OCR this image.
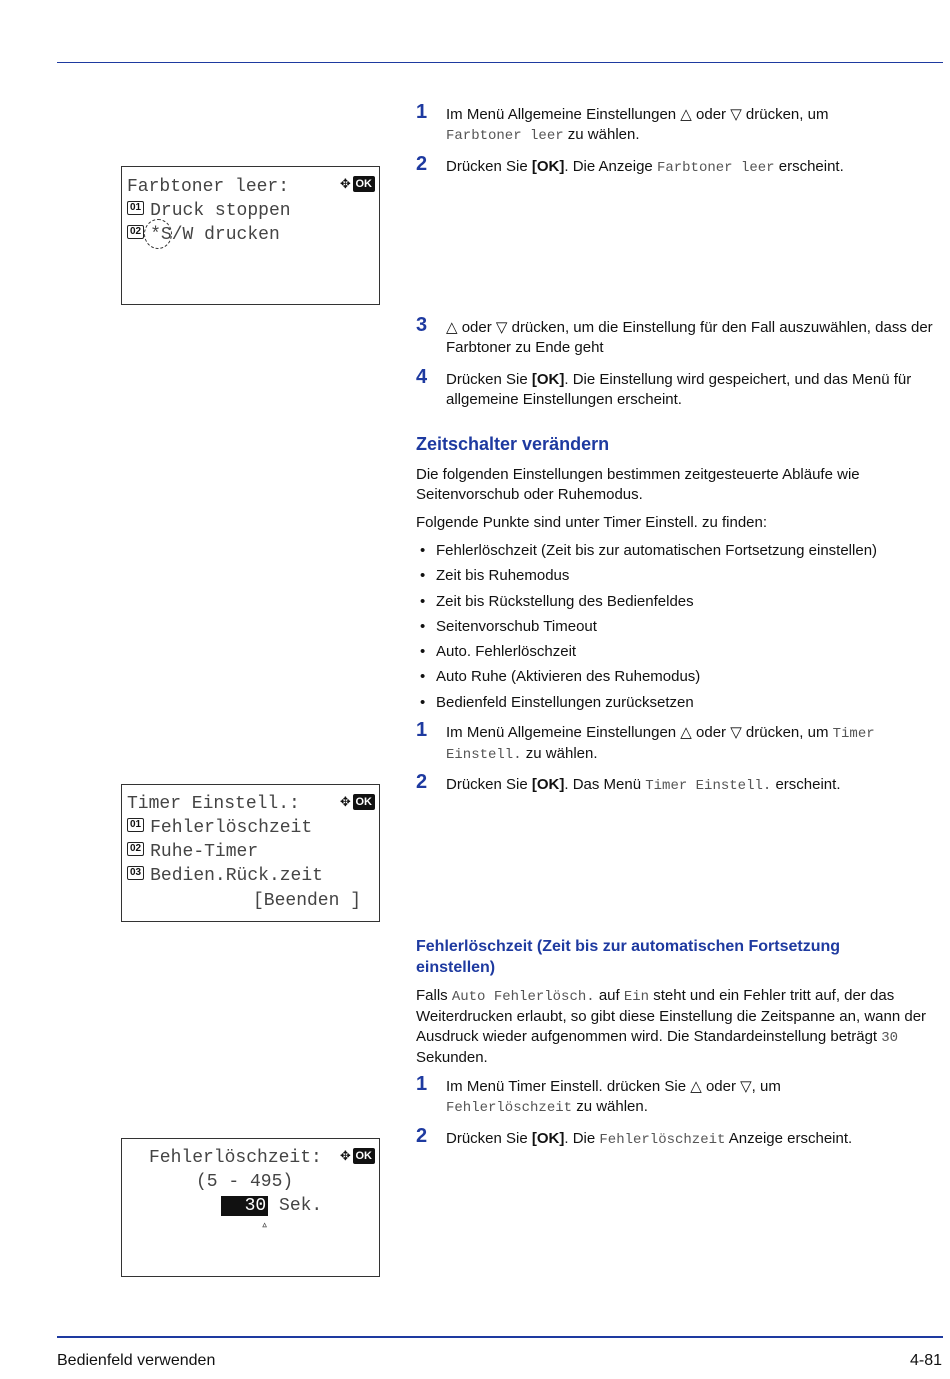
Farbtoner leer:	✥ OK
01 Druck stoppen
02 *S/W drucken
1 Im Menü Allgemeine Einstellungen △ oder ▽ drücken, um
Farbtoner leer zu wählen.
2 Drücken Sie [OK]. Die Anzeige Farbtoner leer erscheint.
3 △ oder ▽ drücken, um die Einstellung für den Fall auszuwählen, dass der Farbtoner zu Ende geht
4 Drücken Sie [OK]. Die Einstellung wird gespeichert, und das Menü für allgemeine Einstellungen erscheint.
Zeitschalter verändern

Die folgenden Einstellungen bestimmen zeitgesteuerte Abläufe wie Seitenvorschub oder Ruhemodus.

Folgende Punkte sind unter Timer Einstell. zu finden:

• Fehlerlöschzeit (Zeit bis zur automatischen Fortsetzung einstellen)
• Zeit bis Ruhemodus
• Zeit bis Rückstellung des Bedienfeldes
• Seitenvorschub Timeout
• Auto. Fehlerlöschzeit
• Auto Ruhe (Aktivieren des Ruhemodus)
• Bedienfeld Einstellungen zurücksetzen
1 Im Menü Allgemeine Einstellungen △ oder ▽ drücken, um Timer
Einstell. zu wählen.
2 Drücken Sie [OK]. Das Menü Timer Einstell. erscheint.
Timer Einstell.: ✥ OK
01 Fehlerlöschzeit
02 Ruhe-Timer
03 Bedien.Rück.zeit
[Beenden ]
Fehlerlöschzeit (Zeit bis zur automatischen Fortsetzung einstellen)

Falls Auto Fehlerlösch. auf Ein steht und ein Fehler tritt auf, der das Weiterdrucken erlaubt, so gibt diese Einstellung die Zeitspanne an, wann der Ausdruck wieder aufgenommen wird. Die Standardeinstellung beträgt 30 Sekunden.

1 Im Menü Timer Einstell. drücken Sie △ oder ▽, um
Fehlerlöschzeit zu wählen.
2 Drücken Sie [OK]. Die Fehlerlöschzeit Anzeige erscheint.
Fehlerlöschzeit: ✥ OK
(5 - 495)
30 Sek.
▵
Bedienfeld verwenden	4-81
